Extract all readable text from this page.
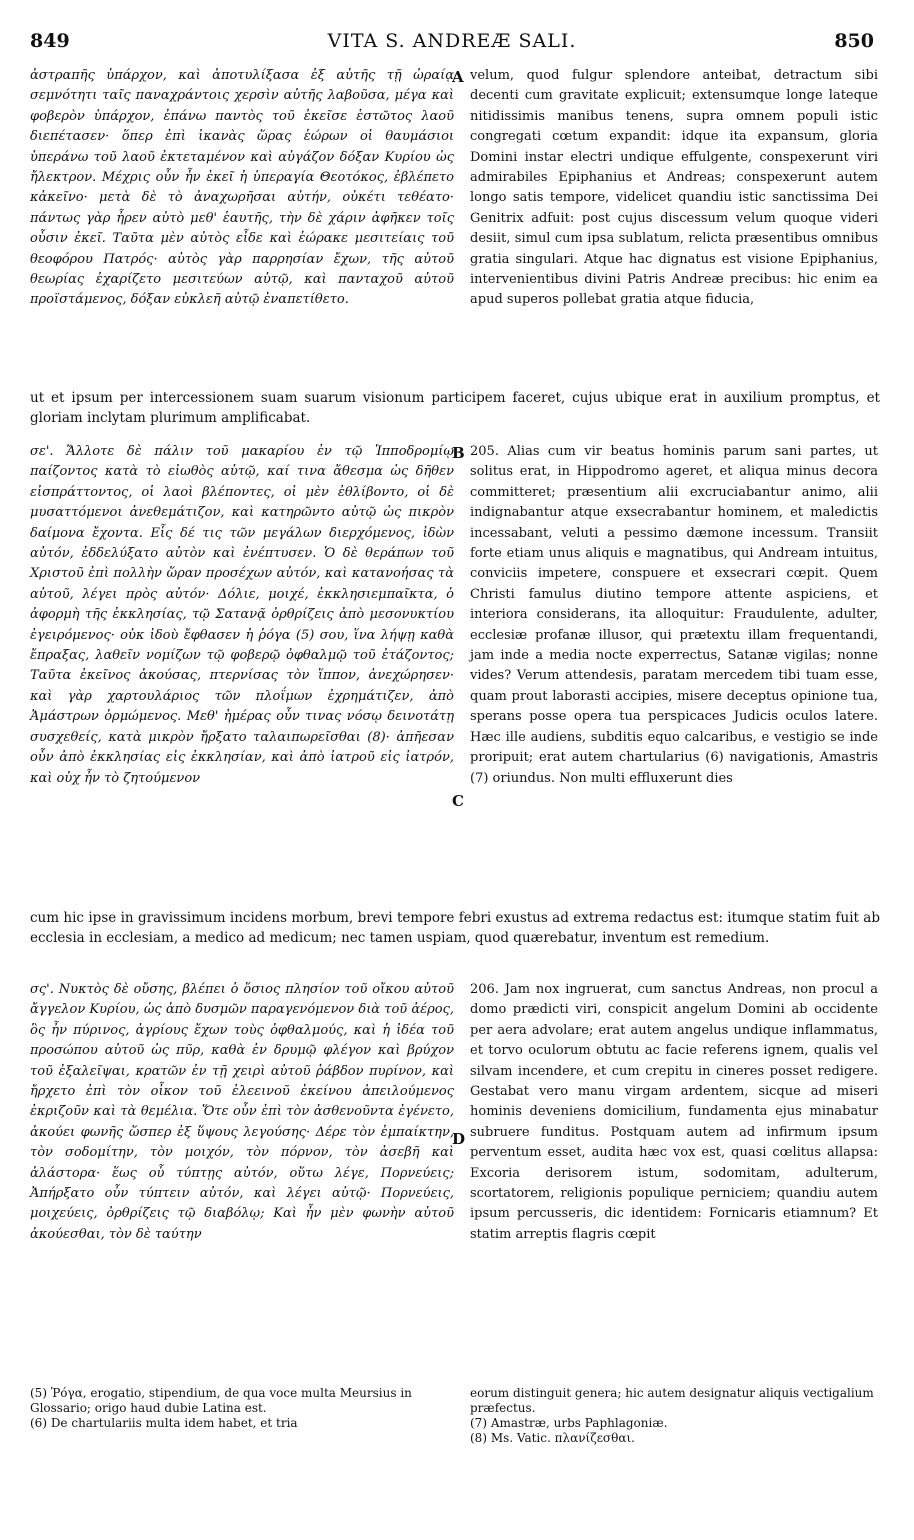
849	VITA S. ANDREÆ SALI.	850
A
B
C
D

ἀστραπῆς ὑπάρχον, καὶ ἀποτυλίξασα ἐξ αὐτῆς τῇ ὡραίᾳ σεμνότητι ταῖς παναχράντοις χερσὶν αὐτῆς λαβοῦσα, μέγα καὶ φοβερὸν ὑπάρχον, ἐπάνω παντὸς τοῦ ἐκεῖσε ἑστῶτος λαοῦ διεπέτασεν· ὅπερ ἐπὶ ἱκανὰς ὥρας ἑώρων οἱ θαυμάσιοι ὑπεράνω τοῦ λαοῦ ἐκτεταμένον καὶ αὐγάζον δόξαν Κυρίου ὡς ἤλεκτρον. Μέχρις οὖν ἦν ἐκεῖ ἡ ὑπεραγία Θεοτόκος, ἐβλέπετο κἀκεῖνο· μετὰ δὲ τὸ ἀναχωρῆσαι αὐτήν, οὐκέτι τεθέατο· πάντως γὰρ ἦρεν αὐτὸ μεθ' ἑαυτῆς, τὴν δὲ χάριν ἀφῆκεν τοῖς οὖσιν ἐκεῖ. Ταῦτα μὲν αὐτὸς εἶδε καὶ ἑώρακε μεσιτείαις τοῦ θεοφόρου Πατρός· αὐτὸς γὰρ παρρησίαν ἔχων, τῆς αὐτοῦ θεωρίας ἐχαρίζετο μεσιτεύων αὐτῷ, καὶ πανταχοῦ αὐτοῦ προϊστάμενος, δόξαν εὐκλεῆ αὐτῷ ἐναπετίθετο.

velum, quod fulgur splendore anteibat, detractum sibi decenti cum gravitate explicuit; extensumque longe lateque nitidissimis manibus tenens, supra omnem populi istic congregati cœtum expandit: idque ita expansum, gloria Domini instar electri undique effulgente, conspexerunt viri admirabiles Epiphanius et Andreas; conspexerunt autem longo satis tempore, videlicet quandiu istic sanctissima Dei Genitrix adfuit: post cujus discessum velum quoque videri desiit, simul cum ipsa sublatum, relicta præsentibus omnibus gratia singulari. Atque hac dignatus est visione Epiphanius, intervenientibus divini Patris Andreæ precibus: hic enim ea apud superos pollebat gratia atque fiducia,

ut et ipsum per intercessionem suam suarum visionum participem faceret, cujus ubique erat in auxilium promptus, et gloriam inclytam plurimum amplificabat.

σε'. Ἄλλοτε δὲ πάλιν τοῦ μακαρίου ἐν τῷ Ἱπποδρομίῳ παίζοντος κατὰ τὸ εἰωθὸς αὐτῷ, καί τινα ἄθεσμα ὡς δῆθεν εἰσπράττοντος, οἱ λαοὶ βλέποντες, οἱ μὲν ἐθλίβοντο, οἱ δὲ μυσαττόμενοι ἀνεθεμάτιζον, καὶ κατηρῶντο αὐτῷ ὡς πικρὸν δαίμονα ἔχοντα. Εἷς δέ τις τῶν μεγάλων διερχόμενος, ἰδὼν αὐτόν, ἐδδελύξατο αὐτὸν καὶ ἐνέπτυσεν. Ὁ δὲ θεράπων τοῦ Χριστοῦ ἐπὶ πολλὴν ὥραν προσέχων αὐτόν, καὶ κατανοήσας τὰ αὐτοῦ, λέγει πρὸς αὐτόν· Δόλιε, μοιχέ, ἐκκλησιεμπαῖκτα, ὁ ἀφορμὴ τῆς ἐκκλησίας, τῷ Σατανᾷ ὀρθρίζεις ἀπὸ μεσονυκτίου ἐγειρόμενος· οὐκ ἰδοὺ ἔφθασεν ἡ ῥόγα (5) σου, ἵνα λήψῃ καθὰ ἔπραξας, λαθεῖν νομίζων τῷ φοβερῷ ὀφθαλμῷ τοῦ ἐτάζοντος; Ταῦτα ἐκεῖνος ἀκούσας, πτερνίσας τὸν ἵππον, ἀνεχώρησεν· καὶ γὰρ χαρτουλάριος τῶν πλοΐμων ἐχρημάτιζεν, ἀπὸ Ἀμάστρων ὁρμώμενος. Μεθ' ἡμέρας οὖν τινας νόσῳ δεινοτάτῃ συσχεθείς, κατὰ μικρὸν ἤρξατο ταλαιπωρεῖσθαι (8)· ἀπῆεσαν οὖν ἀπὸ ἐκκλησίας εἰς ἐκκλησίαν, καὶ ἀπὸ ἰατροῦ εἰς ἰατρόν, καὶ οὐχ ἦν τὸ ζητούμενον

205. Alias cum vir beatus hominis parum sani partes, ut solitus erat, in Hippodromo ageret, et aliqua minus decora committeret; præsentium alii excruciabantur animo, alii indignabantur atque exsecrabantur hominem, et maledictis incessabant, veluti a pessimo dæmone incessum. Transiit forte etiam unus aliquis e magnatibus, qui Andream intuitus, conviciis impetere, conspuere et exsecrari cœpit. Quem Christi famulus diutino tempore attente aspiciens, et interiora considerans, ita alloquitur: Fraudulente, adulter, ecclesiæ profanæ illusor, qui prætextu illam frequentandi, jam inde a media nocte experrectus, Satanæ vigilas; nonne vides? Verum attendesis, paratam mercedem tibi tuam esse, quam prout laborasti accipies, misere deceptus opinione tua, sperans posse opera tua perspicaces Judicis oculos latere. Hæc ille audiens, subditis equo calcaribus, e vestigio se inde proripuit; erat autem chartularius (6) navigationis, Amastris (7) oriundus. Non multi effluxerunt dies

cum hic ipse in gravissimum incidens morbum, brevi tempore febri exustus ad extrema redactus est: itumque statim fuit ab ecclesia in ecclesiam, a medico ad medicum; nec tamen uspiam, quod quærebatur, inventum est remedium.

σς'. Νυκτὸς δὲ οὔσης, βλέπει ὁ ὅσιος πλησίον τοῦ οἴκου αὐτοῦ ἄγγελον Κυρίου, ὡς ἀπὸ δυσμῶν παραγενόμενον διὰ τοῦ ἀέρος, ὃς ἦν πύρινος, ἀγρίους ἔχων τοὺς ὀφθαλμούς, καὶ ἡ ἰδέα τοῦ προσώπου αὐτοῦ ὡς πῦρ, καθὰ ἐν δρυμῷ φλέγον καὶ βρύχον τοῦ ἐξαλεῖψαι, κρατῶν ἐν τῇ χειρὶ αὐτοῦ ῥάβδον πυρίνον, καὶ ἤρχετο ἐπὶ τὸν οἶκον τοῦ ἐλεεινοῦ ἐκείνου ἀπειλούμενος ἐκριζοῦν καὶ τὰ θεμέλια. Ὅτε οὖν ἐπὶ τὸν ἀσθενοῦντα ἐγένετο, ἀκούει φωνῆς ὥσπερ ἐξ ὕψους λεγούσης· Δέρε τὸν ἐμπαίκτην, τὸν σοδομίτην, τὸν μοιχόν, τὸν πόρνον, τὸν ἀσεβῆ καὶ ἀλάστορα· ἕως οὗ τύπτῃς αὐτόν, οὕτω λέγε, Πορνεύεις; Ἀπήρξατο οὖν τύπτειν αὐτόν, καὶ λέγει αὐτῷ· Πορνεύεις, μοιχεύεις, ὀρθρίζεις τῷ διαβόλῳ; Καὶ ἦν μὲν φωνὴν αὐτοῦ ἀκούεσθαι, τὸν δὲ ταύτην

206. Jam nox ingruerat, cum sanctus Andreas, non procul a domo prædicti viri, conspicit angelum Domini ab occidente per aera advolare; erat autem angelus undique inflammatus, et torvo oculorum obtutu ac facie referens ignem, qualis vel silvam incendere, et cum crepitu in cineres posset redigere. Gestabat vero manu virgam ardentem, sicque ad miseri hominis deveniens domicilium, fundamenta ejus minabatur subruere funditus. Postquam autem ad infirmum ipsum perventum esset, audita hæc vox est, quasi cœlitus allapsa: Excoria derisorem istum, sodomitam, adulterum, scortatorem, religionis populique perniciem; quandiu autem ipsum percusseris, dic identidem: Fornicaris etiamnum? Et statim arreptis flagris cœpit

(5) Ῥόγα, erogatio, stipendium, de qua voce multa Meursius in Glossario; origo haud dubie Latina est.

(6) De chartulariis multa idem habet, et tria

eorum distinguit genera; hic autem designatur aliquis vectigalium præfectus.

(7) Amastræ, urbs Paphlagoniæ.

(8) Ms. Vatic. πλανίζεσθαι.
